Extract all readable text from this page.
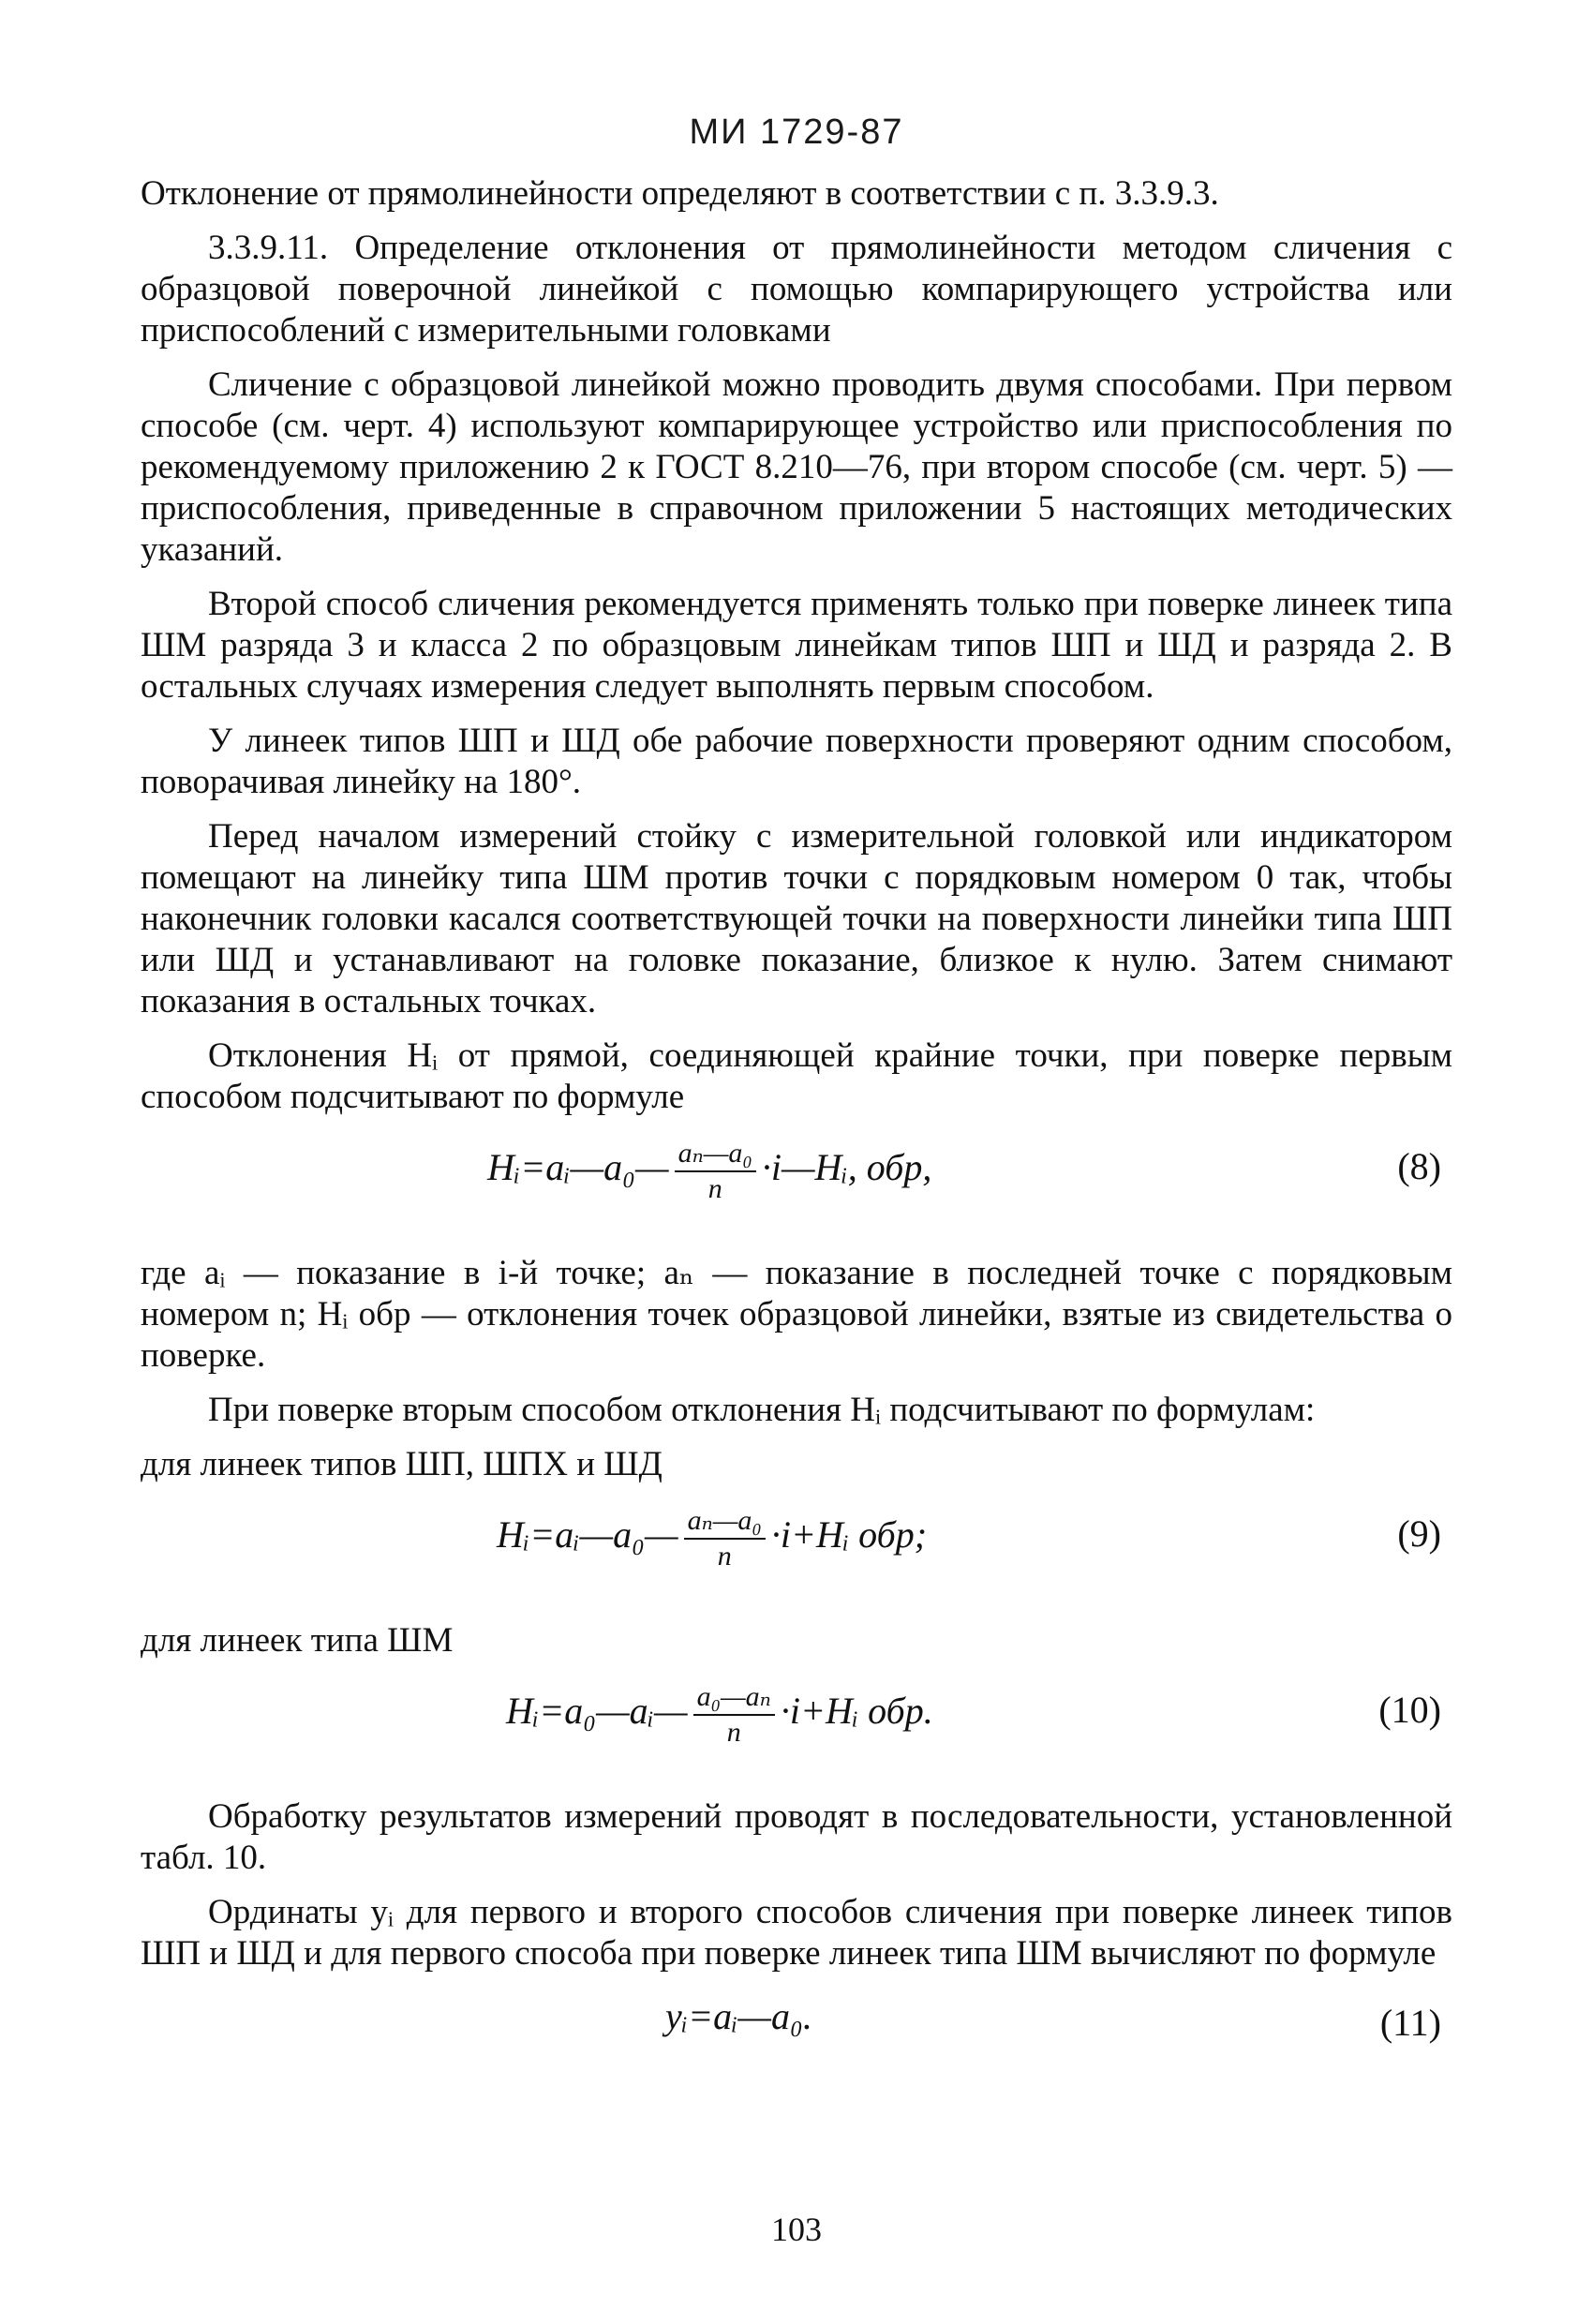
МИ 1729-87

Отклонение от прямолинейности определяют в соответствии с п. 3.3.9.3.

3.3.9.11. Определение отклонения от прямолинейности методом сличения с образцовой поверочной линейкой с помощью компарирующего устройства или приспособлений с измерительными головками

Сличение с образцовой линейкой можно проводить двумя способами. При первом способе (см. черт. 4) используют компарирующее устройство или приспособления по рекомендуемому приложению 2 к ГОСТ 8.210—76, при втором способе (см. черт. 5) — приспособления, приведенные в справочном приложении 5 настоящих методических указаний.

Второй способ сличения рекомендуется применять только при поверке линеек типа ШМ разряда 3 и класса 2 по образцовым линейкам типов ШП и ШД и разряда 2. В остальных случаях измерения следует выполнять первым способом.

У линеек типов ШП и ШД обе рабочие поверхности проверяют одним способом, поворачивая линейку на 180°.

Перед началом измерений стойку с измерительной головкой или индикатором помещают на линейку типа ШМ против точки с порядковым номером 0 так, чтобы наконечник головки касался соответствующей точки на поверхности линейки типа ШП или ШД и устанавливают на головке показание, близкое к нулю. Затем снимают показания в остальных точках.

Отклонения Hᵢ от прямой, соединяющей крайние точки, при поверке первым способом подсчитывают по формуле

Hᵢ=aᵢ—a₀— $\frac{\text{aₙ—a₀}}{n}$ ·i—Hᵢ, обр,	(8)

где aᵢ — показание в i-й точке; aₙ — показание в последней точке с порядковым номером n; Hᵢ обр — отклонения точек образцовой линейки, взятые из свидетельства о поверке.

При поверке вторым способом отклонения Hᵢ подсчитывают по формулам:

для линеек типов ШП, ШПХ и ШД

Hᵢ=aᵢ—a₀— $\frac{\text{aₙ—a₀}}{n}$ ·i+Hᵢ обр;	(9)

для линеек типа ШМ

Hᵢ=a₀—aᵢ— $\frac{\text{a₀—aₙ}}{n}$ ·i+Hᵢ обр.	(10)

Обработку результатов измерений проводят в последовательности, установленной табл. 10.

Ординаты yᵢ для первого и второго способов сличения при поверке линеек типов ШП и ШД и для первого способа при поверке линеек типа ШМ вычисляют по формуле

yᵢ=aᵢ—a₀.	(11)
103
